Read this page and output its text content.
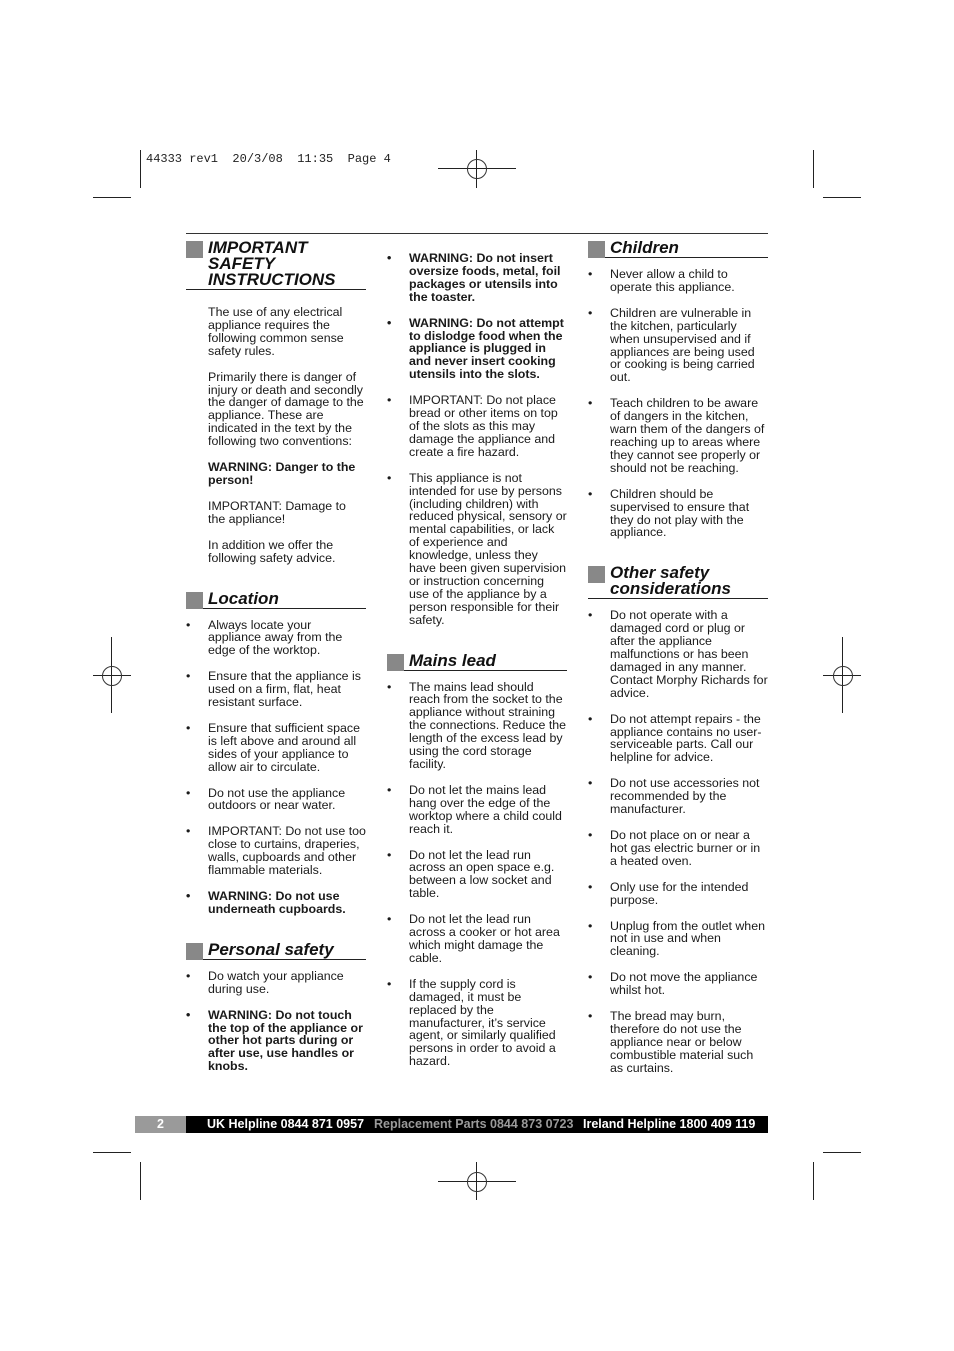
44333 rev1  20/3/08  11:35  Page 4
IMPORTANT
SAFETY
INSTRUCTIONS

The use of any electrical appliance requires the following common sense safety rules.

Primarily there is danger of injury or death and secondly the danger of damage to the appliance. These are indicated in the text by the following two conventions:

WARNING: Danger to the person!

IMPORTANT: Damage to the appliance!

In addition we offer the following safety advice.

Location
• Always locate your appliance away from the edge of the worktop.
• Ensure that the appliance is used on a firm, flat, heat resistant surface.
• Ensure that sufficient space is left above and around all sides of your appliance to allow air to circulate.
• Do not use the appliance outdoors or near water.
• IMPORTANT: Do not use too close to curtains, draperies, walls, cupboards and other flammable materials.
• WARNING: Do not use underneath cupboards.
Personal safety
• Do watch your appliance during use.
• WARNING: Do not touch the top of the appliance or other hot parts during or after use, use handles or knobs.
• WARNING: Do not insert oversize foods, metal, foil packages or utensils into the toaster.
• WARNING: Do not attempt to dislodge food when the appliance is plugged in and never insert cooking utensils into the slots.
• IMPORTANT: Do not place bread or other items on top of the slots as this may damage the appliance and create a fire hazard.
• This appliance is not intended for use by persons (including children) with reduced physical, sensory or mental capabilities, or lack of experience and knowledge, unless they have been given supervision or instruction concerning use of the appliance by a person responsible for their safety.
Mains lead
• The mains lead should reach from the socket to the appliance without straining the connections. Reduce the length of the excess lead by using the cord storage facility.
• Do not let the mains lead hang over the edge of the worktop where a child could reach it.
• Do not let the lead run across an open space e.g. between a low socket and table.
• Do not let the lead run across a cooker or hot area which might damage the cable.
• If the supply cord is damaged, it must be replaced by the manufacturer, it’s service agent, or similarly qualified persons in order to avoid a hazard.
Children
• Never allow a child to operate this appliance.
• Children are vulnerable in the kitchen, particularly when unsupervised and if appliances are being used or cooking is being carried out.
• Teach children to be aware of dangers in the kitchen, warn them of the dangers of reaching up to areas where they cannot see properly or should not be reaching.
• Children should be supervised to ensure that they do not play with the appliance.
Other safety
considerations
• Do not operate with a damaged cord or plug or after the appliance malfunctions or has been damaged in any manner. Contact Morphy Richards for advice.
• Do not attempt repairs - the appliance contains no user-serviceable parts. Call our helpline for advice.
• Do not use accessories not recommended by the manufacturer.
• Do not place on or near a hot gas electric burner or in a heated oven.
• Only use for the intended purpose.
• Unplug from the outlet when not in use and when cleaning.
• Do not move the appliance whilst hot.
• The bread may burn, therefore do not use the appliance near or below combustible material such as curtains.
2	UK Helpline 0844 871 0957 Replacement Parts 0844 873 0723 Ireland Helpline 1800 409 119
